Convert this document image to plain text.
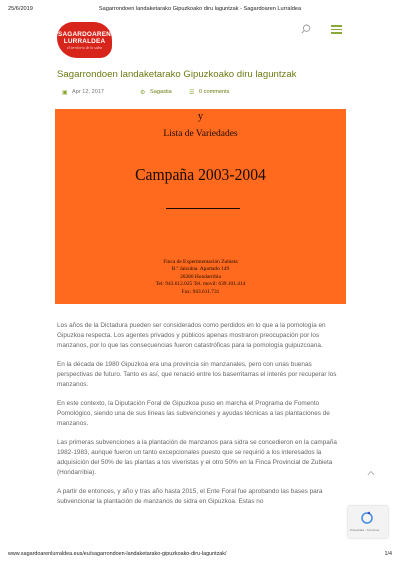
25/6/2019	Sagarrondoen landaketarako Gipuzkoako diru laguntzak - Sagardoaren Lurraldea
SAGARDOAREN
LURRALDEA
el territorio de la sidra
Sagarrondoen landaketarako Gipuzkoako diru laguntzak
▣ Apr 12, 2017	⚙ Sagastia	☰ 0 comments
y
Lista de Variedades
Campaña 2003-2004
Finca de Experimentación Zubieta
B.º Jaizubia. Apartado 149
20280 Hondarribia
Tel: 943.612.025 Tel. movil: 639.101.414
Fax: 943.611.731

Los años de la Dictadura pueden ser considerados como perdidos en lo que a la pomología en Gipuzkoa respecta. Los agentes privados y públicos apenas mostraron preocupación por los manzanos, por lo que las consecuencias fueron catastróficas para la pomología guipuzcoana.

En la década de 1980 Gipuzkoa era una provincia sin manzanales, pero con unas buenas perspectivas de futuro. Tanto es así, que renació entre los baserritarras el interés por recuperar los manzanos.

En este contexto, la Diputación Foral de Gipuzkoa puso en marcha el Programa de Fomento Pomológico, siendo una de sus líneas las subvenciones y ayudas técnicas a las plantaciones de manzanos.

Las primeras subvenciones a la plantación de manzanos para sidra se concedieron en la campaña 1982-1983, aunque fueron un tanto excepcionales puesto que se requirió a los interesados la adquisición del 50% de las plantas a los viveristas y el otro 50% en la Finca Provincial de Zubieta (Hondarribia).

A partir de entonces, y año y tras año hasta 2015, el Ente Foral fue aprobando las bases para subvencionar la plantación de manzanos de sidra en Gipuzkoa. Estas no

Privacidad - Términos
www.sagardoarenlurraldea.eus/eu/sagarrondoen-landaketarako-gipuzkoako-diru-laguntzak/	1/4
